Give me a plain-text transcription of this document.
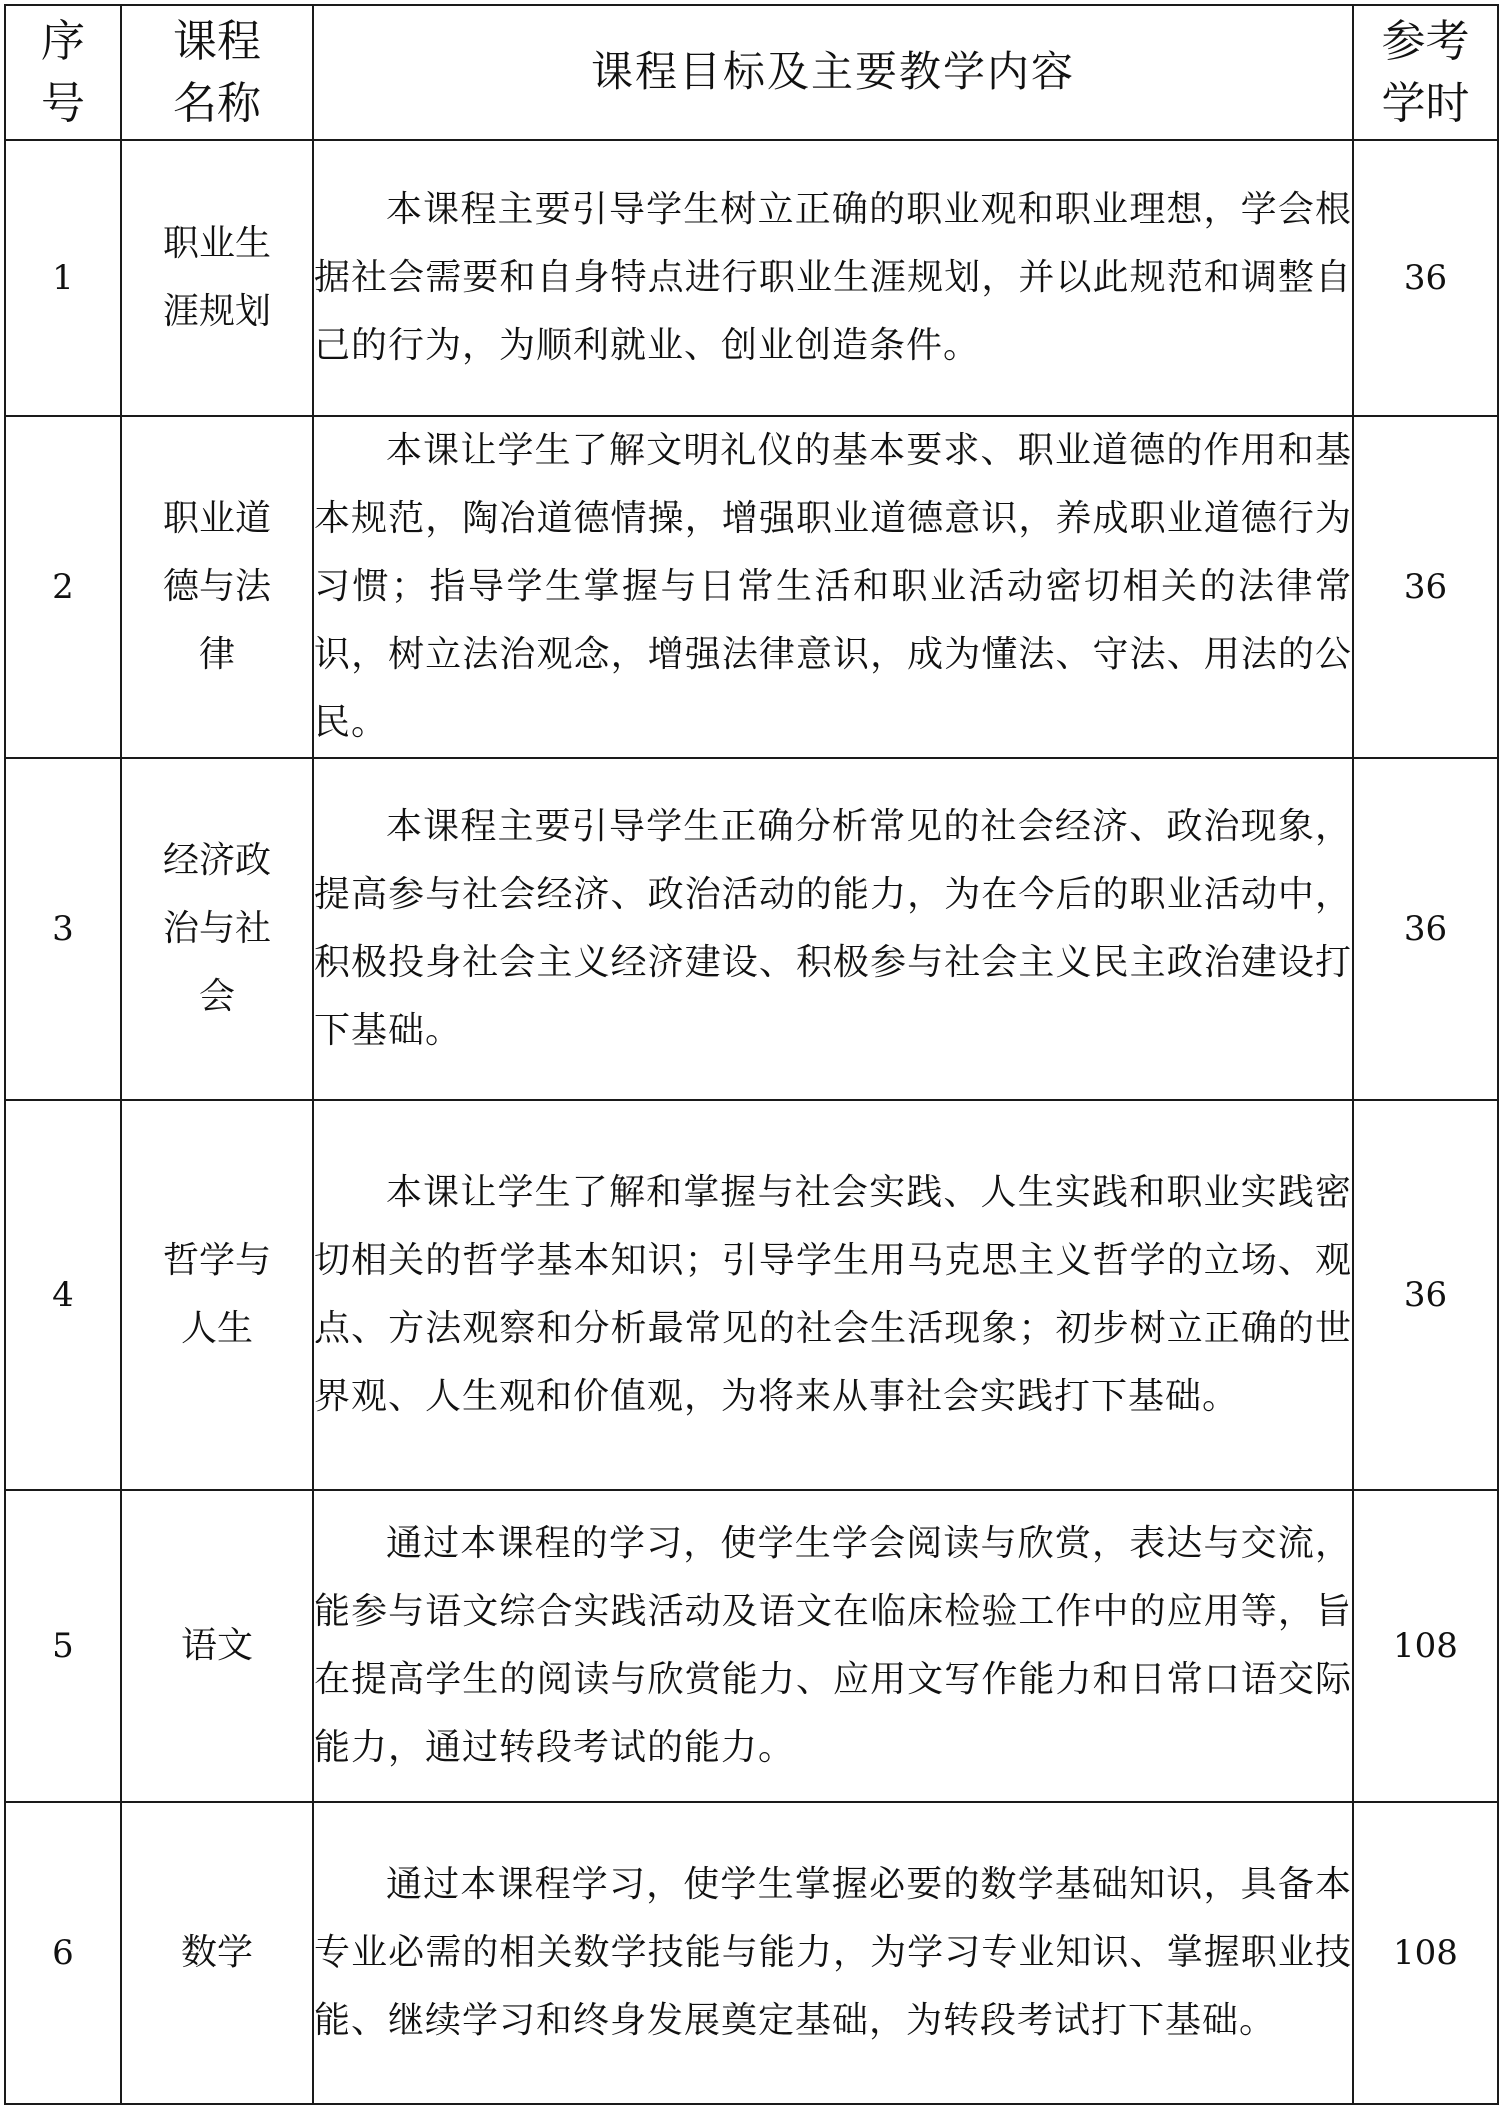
序号	课程名称	课程目标及主要教学内容	参考学时
1	职业生涯规划	本课程主要引导学生树立正确的职业观和职业理想，学会根据社会需要和自身特点进行职业生涯规划，并以此规范和调整自己的行为，为顺利就业、创业创造条件。	36
2	职业道德与法律	本课让学生了解文明礼仪的基本要求、职业道德的作用和基本规范，陶冶道德情操，增强职业道德意识，养成职业道德行为习惯；指导学生掌握与日常生活和职业活动密切相关的法律常识，树立法治观念，增强法律意识，成为懂法、守法、用法的公民。	36
3	经济政治与社会	本课程主要引导学生正确分析常见的社会经济、政治现象，提高参与社会经济、政治活动的能力，为在今后的职业活动中，积极投身社会主义经济建设、积极参与社会主义民主政治建设打下基础。	36
4	哲学与人生	本课让学生了解和掌握与社会实践、人生实践和职业实践密切相关的哲学基本知识；引导学生用马克思主义哲学的立场、观点、方法观察和分析最常见的社会生活现象；初步树立正确的世界观、人生观和价值观，为将来从事社会实践打下基础。	36
5	语文	通过本课程的学习，使学生学会阅读与欣赏，表达与交流，能参与语文综合实践活动及语文在临床检验工作中的应用等，旨在提高学生的阅读与欣赏能力、应用文写作能力和日常口语交际能力，通过转段考试的能力。	108
6	数学	通过本课程学习，使学生掌握必要的数学基础知识，具备本专业必需的相关数学技能与能力，为学习专业知识、掌握职业技能、继续学习和终身发展奠定基础，为转段考试打下基础。	108
